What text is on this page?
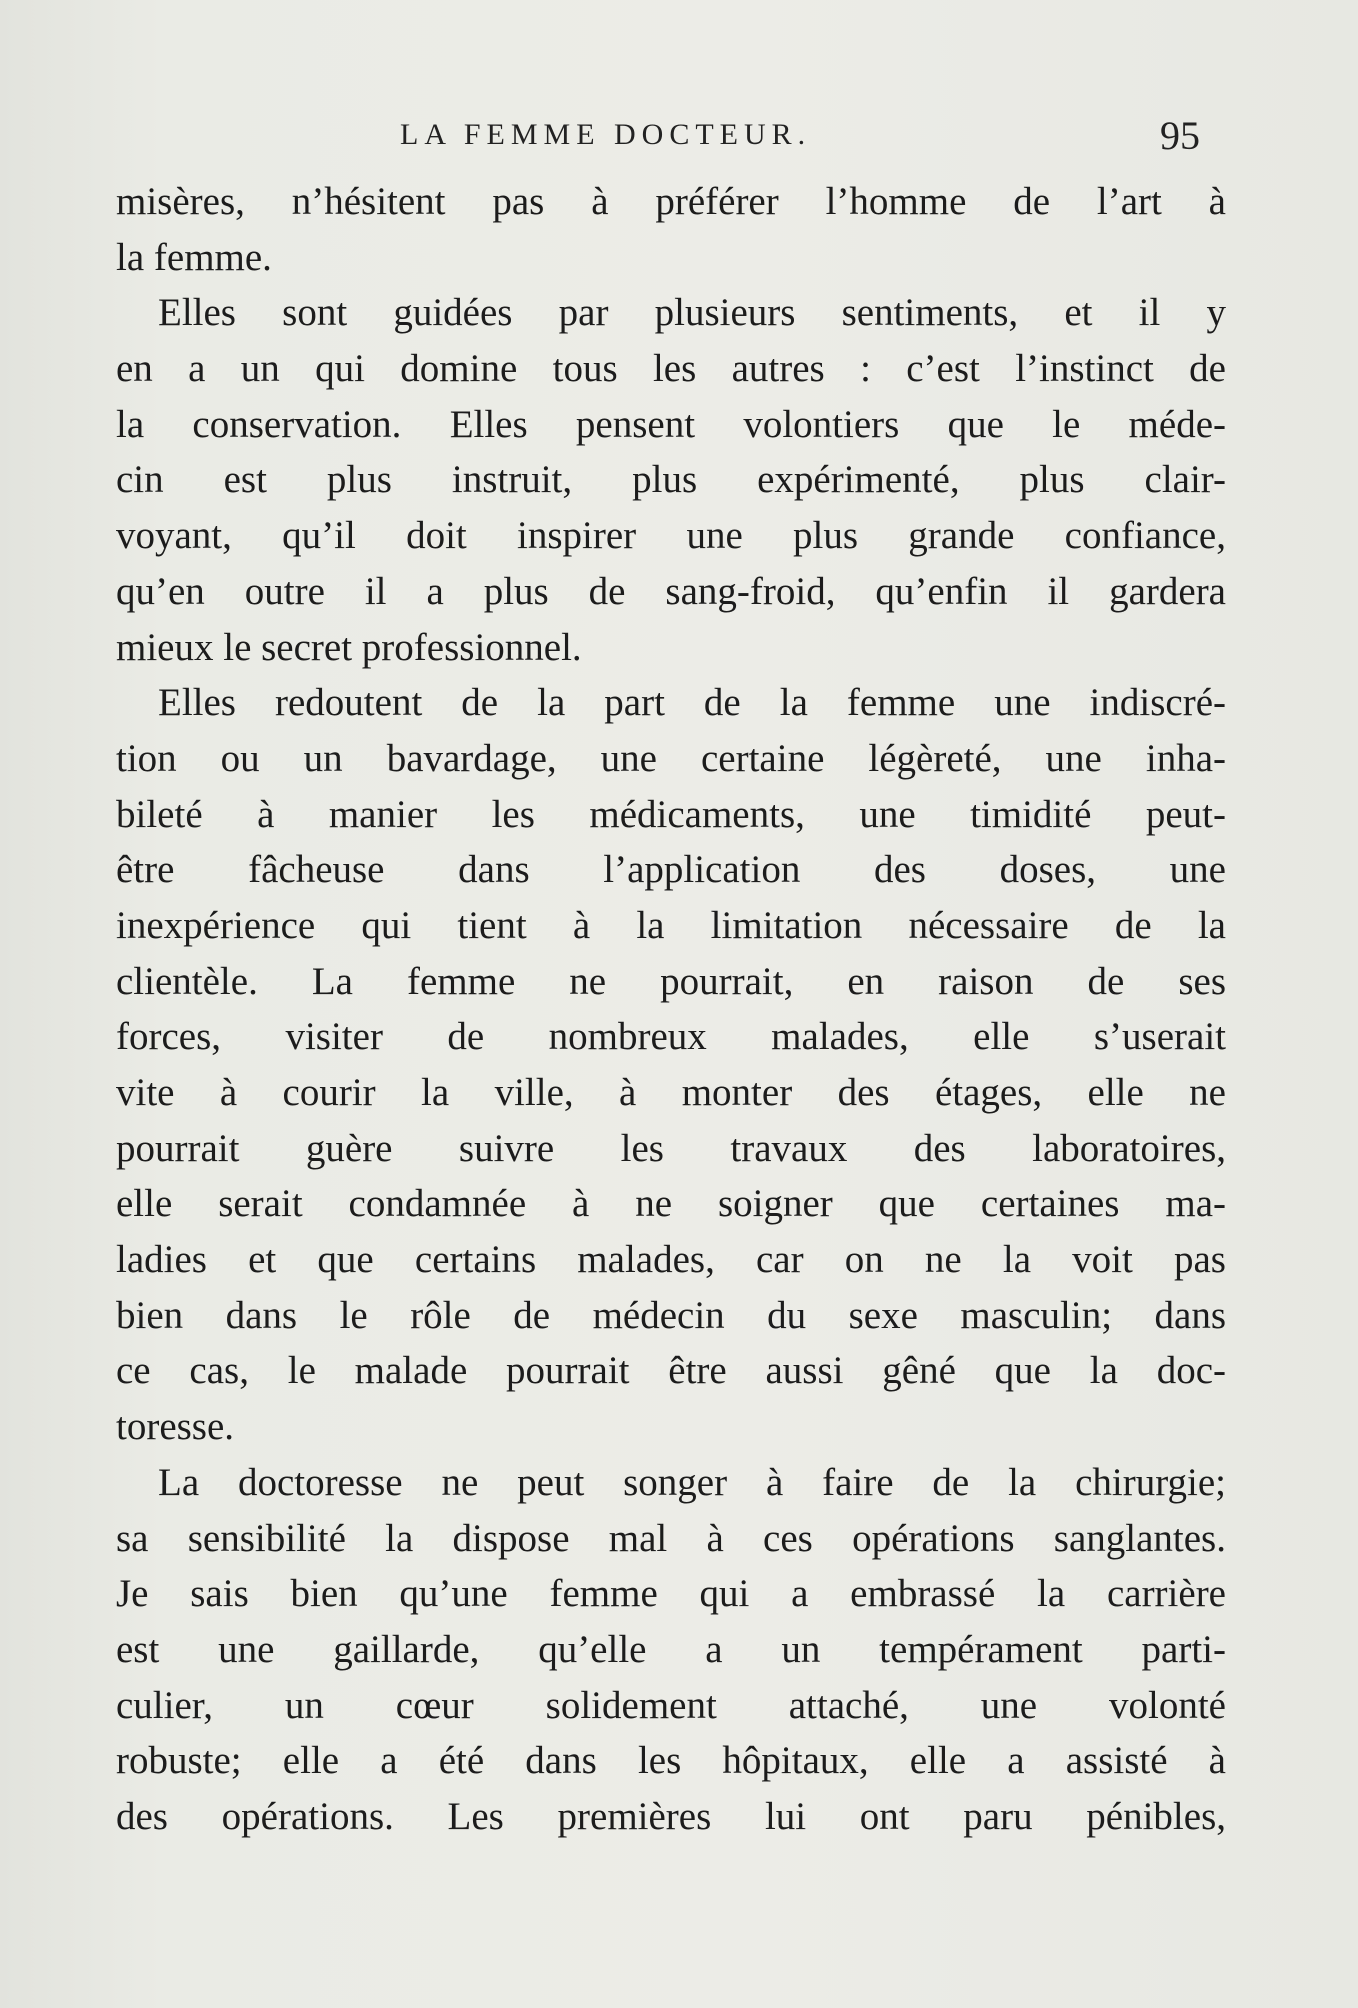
LA FEMME DOCTEUR.	95
misères, n’hésitent pas à préférer l’homme de l’art à
la femme.
Elles sont guidées par plusieurs sentiments, et il y
en a un qui domine tous les autres : c’est l’instinct de
la conservation. Elles pensent volontiers que le méde-
cin est plus instruit, plus expérimenté, plus clair-
voyant, qu’il doit inspirer une plus grande confiance,
qu’en outre il a plus de sang-froid, qu’enfin il gardera
mieux le secret professionnel.
Elles redoutent de la part de la femme une indiscré-
tion ou un bavardage, une certaine légèreté, une inha-
bileté à manier les médicaments, une timidité peut-
être fâcheuse dans l’application des doses, une
inexpérience qui tient à la limitation nécessaire de la
clientèle. La femme ne pourrait, en raison de ses
forces, visiter de nombreux malades, elle s’userait
vite à courir la ville, à monter des étages, elle ne
pourrait guère suivre les travaux des laboratoires,
elle serait condamnée à ne soigner que certaines ma-
ladies et que certains malades, car on ne la voit pas
bien dans le rôle de médecin du sexe masculin; dans
ce cas, le malade pourrait être aussi gêné que la doc-
toresse.
La doctoresse ne peut songer à faire de la chirurgie;
sa sensibilité la dispose mal à ces opérations sanglantes.
Je sais bien qu’une femme qui a embrassé la carrière
est une gaillarde, qu’elle a un tempérament parti-
culier, un cœur solidement attaché, une volonté
robuste; elle a été dans les hôpitaux, elle a assisté à
des opérations. Les premières lui ont paru pénibles,
